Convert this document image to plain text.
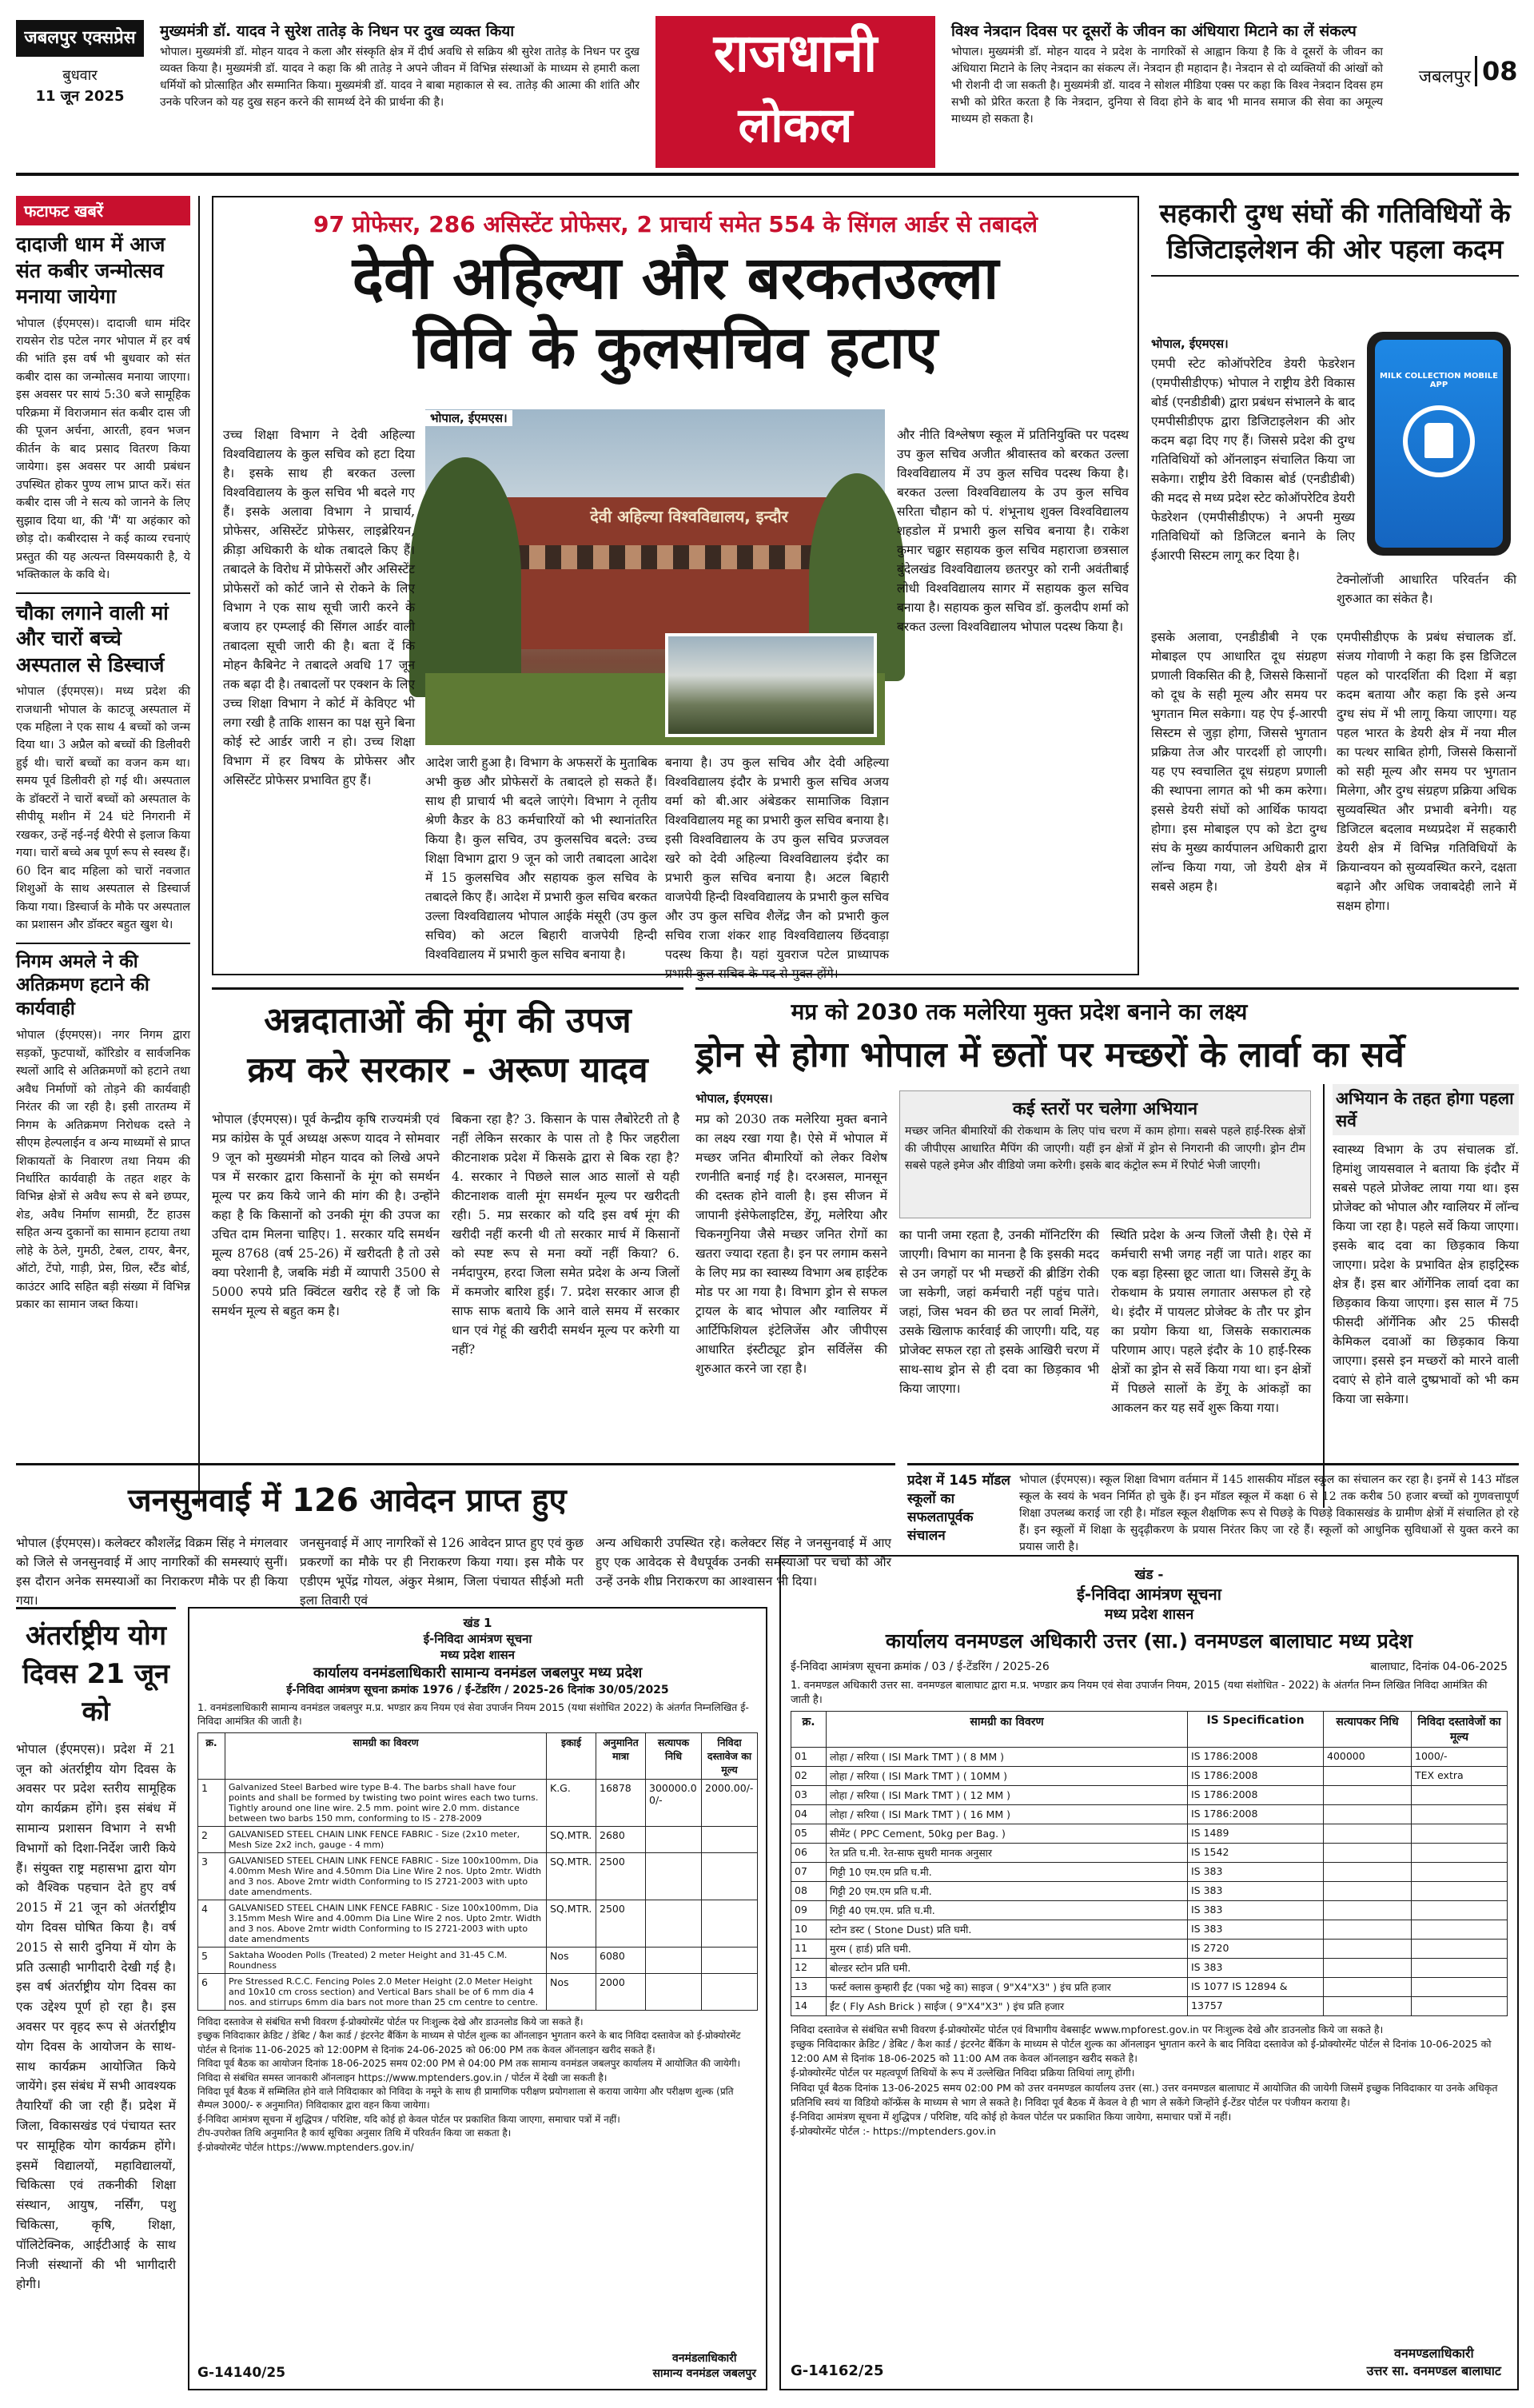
जबलपुर एक्सप्रेस
बुधवार
11 जून 2025
मुख्यमंत्री डॉ. यादव ने सुरेश तातेड़ के निधन पर दुख व्यक्त किया
भोपाल। मुख्यमंत्री डॉ. मोहन यादव ने कला और संस्कृति क्षेत्र में दीर्घ अवधि से सक्रिय श्री सुरेश तातेड़ के निधन पर दुख व्यक्त किया है। मुख्यमंत्री डॉ. यादव ने कहा कि श्री तातेड़ ने अपने जीवन में विभिन्न संस्थाओं के माध्यम से हमारी कला धर्मियों को प्रोत्साहित और सम्मानित किया। मुख्यमंत्री डॉ. यादव ने बाबा महाकाल से स्व. तातेड़ की आत्मा की शांति और उनके परिजन को यह दुख सहन करने की सामर्थ्य देने की प्रार्थना की है।
राजधानी
लोकल
विश्व नेत्रदान दिवस पर दूसरों के जीवन का अंधियारा मिटाने का लें संकल्प
भोपाल। मुख्यमंत्री डॉ. मोहन यादव ने प्रदेश के नागरिकों से आह्वान किया है कि वे दूसरों के जीवन का अंधियारा मिटाने के लिए नेत्रदान का संकल्प लें। नेत्रदान ही महादान है। नेत्रदान से दो व्यक्तियों की आंखों को भी रोशनी दी जा सकती है। मुख्यमंत्री डॉ. यादव ने सोशल मीडिया एक्स पर कहा कि विश्व नेत्रदान दिवस हम सभी को प्रेरित करता है कि नेत्रदान, दुनिया से विदा होने के बाद भी मानव समाज की सेवा का अमूल्य माध्यम हो सकता है।
जबलपुर 08
फटाफट खबरें
दादाजी धाम में आज संत कबीर जन्मोत्सव मनाया जायेगा
भोपाल (ईएमएस)। दादाजी धाम मंदिर रायसेन रोड पटेल नगर भोपाल में हर वर्ष की भांति इस वर्ष भी बुधवार को संत कबीर दास का जन्मोत्सव मनाया जाएगा। इस अवसर पर सायं 5:30 बजे सामूहिक परिक्रमा में विराजमान संत कबीर दास जी की पूजन अर्चना, आरती, हवन भजन कीर्तन के बाद प्रसाद वितरण किया जायेगा। इस अवसर पर आयी प्रबंधन उपस्थित होकर पुण्य लाभ प्राप्त करें। संत कबीर दास जी ने सत्य को जानने के लिए सुझाव दिया था, की 'मैं' या अहंकार को छोड़ दो। कबीरदास ने कई काव्य रचनाएं प्रस्तुत की यह अत्यन्त विस्मयकारी है, ये भक्तिकाल के कवि थे।
चौका लगाने वाली मां और चारों बच्चे अस्पताल से डिस्चार्ज
भोपाल (ईएमएस)। मध्य प्रदेश की राजधानी भोपाल के काटजू अस्पताल में एक महिला ने एक साथ 4 बच्चों को जन्म दिया था। 3 अप्रैल को बच्चों की डिलीवरी हुई थी। चारों बच्चों का वजन कम था। समय पूर्व डिलीवरी हो गई थी। अस्पताल के डॉक्टरों ने चारों बच्चों को अस्पताल के सीपीयू मशीन में 24 घंटे निगरानी में रखकर, उन्हें नई-नई थैरेपी से इलाज किया गया। चारों बच्चे अब पूर्ण रूप से स्वस्थ हैं। 60 दिन बाद महिला को चारों नवजात शिशुओं के साथ अस्पताल से डिस्चार्ज किया गया। डिस्चार्ज के मौके पर अस्पताल का प्रशासन और डॉक्टर बहुत खुश थे।
निगम अमले ने की अतिक्रमण हटाने की कार्यवाही
भोपाल (ईएमएस)। नगर निगम द्वारा सड़कों, फुटपाथों, कॉरिडोर व सार्वजनिक स्थलों आदि से अतिक्रमणों को हटाने तथा अवैध निर्माणों को तोड़ने की कार्यवाही निरंतर की जा रही है। इसी तारतम्य में निगम के अतिक्रमण निरोधक दस्ते ने सीएम हेल्पलाईन व अन्य माध्यमों से प्राप्त शिकायतों के निवारण तथा नियम की निर्धारित कार्यवाही के तहत शहर के विभिन्न क्षेत्रों से अवैध रूप से बने छप्पर, शेड, अवैध निर्माण सामग्री, टैंट हाउस सहित अन्य दुकानों का सामान हटाया तथा लोहे के ठेले, गुमठी, टेबल, टायर, बैनर, ऑटो, टेंपो, गाड़ी, प्रेस, ग्रिल, स्टैंड बोर्ड, काउंटर आदि सहित बड़ी संख्या में विभिन्न प्रकार का सामान जब्त किया।
97 प्रोफेसर, 286 असिस्टेंट प्रोफेसर, 2 प्राचार्य समेत 554 के सिंगल आर्डर से तबादले
देवी अहिल्या और बरकतउल्ला
विवि के कुलसचिव हटाए
देवी अहिल्या विश्वविद्यालय, इन्दौर
भोपाल, ईएमएस।
उच्च शिक्षा विभाग ने देवी अहिल्या विश्वविद्यालय के कुल सचिव को हटा दिया है। इसके साथ ही बरकत उल्ला विश्वविद्यालय के कुल सचिव भी बदले गए हैं। इसके अलावा विभाग ने प्राचार्य, प्रोफेसर, असिस्टेंट प्रोफेसर, लाइब्रेरियन, क्रीड़ा अधिकारी के थोक तबादले किए हैं। तबादले के विरोध में प्रोफेसरों और असिस्टेंट प्रोफेसरों को कोर्ट जाने से रोकने के लिए विभाग ने एक साथ सूची जारी करने के बजाय हर एम्प्लाई की सिंगल आर्डर वाली तबादला सूची जारी की है। बता दें कि मोहन कैबिनेट ने तबादले अवधि 17 जून तक बढ़ा दी है। तबादलों पर एक्शन के लिए उच्च शिक्षा विभाग ने कोर्ट में केविएट भी लगा रखी है ताकि शासन का पक्ष सुने बिना कोई स्टे आर्डर जारी न हो। उच्च शिक्षा विभाग में हर विषय के प्रोफेसर और असिस्टेंट प्रोफेसर प्रभावित हुए हैं।
आदेश जारी हुआ है। विभाग के अफसरों के मुताबिक अभी कुछ और प्रोफेसरों के तबादले हो सकते हैं। साथ ही प्राचार्य भी बदले जाएंगे। विभाग ने तृतीय श्रेणी कैडर के 83 कर्मचारियों को भी स्थानांतरित किया है। कुल सचिव, उप कुलसचिव बदले: उच्च शिक्षा विभाग द्वारा 9 जून को जारी तबादला आदेश में 15 कुलसचिव और सहायक कुल सचिव के तबादले किए हैं। आदेश में प्रभारी कुल सचिव बरकत उल्ला विश्वविद्यालय भोपाल आईके मंसूरी (उप कुल सचिव) को अटल बिहारी वाजपेयी हिन्दी विश्वविद्यालय में प्रभारी कुल सचिव बनाया है।
बनाया है। उप कुल सचिव और देवी अहिल्या विश्वविद्यालय इंदौर के प्रभारी कुल सचिव अजय वर्मा को बी.आर अंबेडकर सामाजिक विज्ञान विश्वविद्यालय महू का प्रभारी कुल सचिव बनाया है। इसी विश्वविद्यालय के उप कुल सचिव प्रज्जवल खरे को देवी अहिल्या विश्वविद्यालय इंदौर का प्रभारी कुल सचिव बनाया है। अटल बिहारी वाजपेयी हिन्दी विश्वविद्यालय के प्रभारी कुल सचिव और उप कुल सचिव शैलेंद्र जैन को प्रभारी कुल सचिव राजा शंकर शाह विश्वविद्यालय छिंदवाड़ा पदस्थ किया है। यहां युवराज पटेल प्राध्यापक प्रभारी कुल सचिव के पद से मुक्त होंगे।
और नीति विश्लेषण स्कूल में प्रतिनियुक्ति पर पदस्थ उप कुल सचिव अजीत श्रीवास्तव को बरकत उल्ला विश्वविद्यालय में उप कुल सचिव पदस्थ किया है। बरकत उल्ला विश्वविद्यालय के उप कुल सचिव सरिता चौहान को पं. शंभूनाथ शुक्ल विश्वविद्यालय शहडोल में प्रभारी कुल सचिव बनाया है। राकेश कुमार चढ्ढार सहायक कुल सचिव महाराजा छत्रसाल बुंदेलखंड विश्वविद्यालय छतरपुर को रानी अवंतीबाई लोधी विश्वविद्यालय सागर में सहायक कुल सचिव बनाया है। सहायक कुल सचिव डॉ. कुलदीप शर्मा को बरकत उल्ला विश्वविद्यालय भोपाल पदस्थ किया है।
सहकारी दुग्ध संघों की गतिविधियों के डिजिटाइलेशन की ओर पहला कदम
MILK COLLECTION MOBILE APP
भोपाल, ईएमएस।
एमपी स्टेट कोऑपरेटिव डेयरी फेडरेशन (एमपीसीडीएफ) भोपाल ने राष्ट्रीय डेरी विकास बोर्ड (एनडीडीबी) द्वारा प्रबंधन संभालने के बाद एमपीसीडीएफ द्वारा डिजिटाइलेशन की ओर कदम बढ़ा दिए गए हैं। जिससे प्रदेश की दुग्ध गतिविधियों को ऑनलाइन संचालित किया जा सकेगा। राष्ट्रीय डेरी विकास बोर्ड (एनडीडीबी) की मदद से मध्य प्रदेश स्टेट कोऑपरेटिव डेयरी फेडरेशन (एमपीसीडीएफ) ने अपनी मुख्य गतिविधियों को डिजिटल बनाने के लिए ईआरपी सिस्टम लागू कर दिया है।
इसके अलावा, एनडीडीबी ने एक मोबाइल एप आधारित दूध संग्रहण प्रणाली विकसित की है, जिससे किसानों को दूध के सही मूल्य और समय पर भुगतान मिल सकेगा। यह ऐप ई-आरपी सिस्टम से जुड़ा होगा, जिससे भुगतान प्रक्रिया तेज और पारदर्शी हो जाएगी। यह एप स्वचालित दूध संग्रहण प्रणाली की स्थापना लागत को भी कम करेगा। इससे डेयरी संघों को आर्थिक फायदा होगा। इस मोबाइल एप को डेटा दुग्ध संघ के मुख्य कार्यपालन अधिकारी द्वारा लॉन्च किया गया, जो डेयरी क्षेत्र में सबसे अहम है।
टेक्नोलॉजी आधारित परिवर्तन की शुरुआत का संकेत है।
एमपीसीडीएफ के प्रबंध संचालक डॉ. संजय गोवाणी ने कहा कि इस डिजिटल पहल को पारदर्शिता की दिशा में बड़ा कदम बताया और कहा कि इसे अन्य दुग्ध संघ में भी लागू किया जाएगा। यह पहल भारत के डेयरी क्षेत्र में नया मील का पत्थर साबित होगी, जिससे किसानों को सही मूल्य और समय पर भुगतान मिलेगा, और दुग्ध संग्रहण प्रक्रिया अधिक सुव्यवस्थित और प्रभावी बनेगी। यह डिजिटल बदलाव मध्यप्रदेश में सहकारी डेयरी क्षेत्र में विभिन्न गतिविधियों के क्रियान्वयन को सुव्यवस्थित करने, दक्षता बढ़ाने और अधिक जवाबदेही लाने में सक्षम होगा।
अन्नदाताओं की मूंग की उपज
क्रय करे सरकार - अरूण यादव
भोपाल (ईएमएस)। पूर्व केन्द्रीय कृषि राज्यमंत्री एवं मप्र कांग्रेस के पूर्व अध्यक्ष अरूण यादव ने सोमवार 9 जून को मुख्यमंत्री मोहन यादव को लिखे अपने पत्र में सरकार द्वारा किसानों के मूंग को समर्थन मूल्य पर क्रय किये जाने की मांग की है। उन्होंने कहा है कि किसानों को उनकी मूंग की उपज का उचित दाम मिलना चाहिए। 1. सरकार यदि समर्थन मूल्य 8768 (वर्ष 25-26) में खरीदती है तो उसे क्या परेशानी है, जबकि मंडी में व्यापारी 3500 से 5000 रुपये प्रति क्विंटल खरीद रहे हैं जो कि समर्थन मूल्य से बहुत कम है।
बिकना रहा है? 3. किसान के पास लैबोरेटरी तो है नहीं लेकिन सरकार के पास तो है फिर जहरीला कीटनाशक प्रदेश में किसके द्वारा से बिक रहा है? 4. सरकार ने पिछले साल आठ सालों से यही कीटनाशक वाली मूंग समर्थन मूल्य पर खरीदती रही। 5. मप्र सरकार को यदि इस वर्ष मूंग की खरीदी नहीं करनी थी तो सरकार मार्च में किसानों को स्पष्ट रूप से मना क्यों नहीं किया? 6. नर्मदापुरम, हरदा जिला समेत प्रदेश के अन्य जिलों में कमजोर बारिश हुई। 7. प्रदेश सरकार आज ही साफ साफ बताये कि आने वाले समय में सरकार धान एवं गेहूं की खरीदी समर्थन मूल्य पर करेगी या नहीं?
मप्र को 2030 तक मलेरिया मुक्त प्रदेश बनाने का लक्ष्य
ड्रोन से होगा भोपाल में छतों पर मच्छरों के लार्वा का सर्वे
भोपाल, ईएमएस।
मप्र को 2030 तक मलेरिया मुक्त बनाने का लक्ष्य रखा गया है। ऐसे में भोपाल में मच्छर जनित बीमारियों को लेकर विशेष रणनीति बनाई गई है। दरअसल, मानसून की दस्तक होने वाली है। इस सीजन में जापानी इंसेफेलाइटिस, डेंगू, मलेरिया और चिकनगुनिया जैसे मच्छर जनित रोगों का खतरा ज्यादा रहता है। इन पर लगाम कसने के लिए मप्र का स्वास्थ्य विभाग अब हाईटेक मोड पर आ गया है। विभाग ड्रोन से सफल ट्रायल के बाद भोपाल और ग्वालियर में आर्टिफिशियल इंटेलिजेंस और जीपीएस आधारित इंस्टीट्यूट ड्रोन सर्विलेंस की शुरुआत करने जा रहा है।
कई स्तरों पर चलेगा अभियान
मच्छर जनित बीमारियों की रोकथाम के लिए पांच चरण में काम होगा। सबसे पहले हाई-रिस्क क्षेत्रों की जीपीएस आधारित मैपिंग की जाएगी। यहीं इन क्षेत्रों में ड्रोन से निगरानी की जाएगी। ड्रोन टीम सबसे पहले इमेज और वीडियो जमा करेगी। इसके बाद कंट्रोल रूम में रिपोर्ट भेजी जाएगी।
का पानी जमा रहता है, उनकी मॉनिटरिंग की जाएगी। विभाग का मानना है कि इसकी मदद से उन जगहों पर भी मच्छरों की ब्रीडिंग रोकी जा सकेगी, जहां कर्मचारी नहीं पहुंच पाते। जहां, जिस भवन की छत पर लार्वा मिलेंगे, उसके खिलाफ कार्रवाई की जाएगी। यदि, यह प्रोजेक्ट सफल रहा तो इसके आखिरी चरण में साथ-साथ ड्रोन से ही दवा का छिड़काव भी किया जाएगा।
स्थिति प्रदेश के अन्य जिलों जैसी है। ऐसे में कर्मचारी सभी जगह नहीं जा पाते। शहर का एक बड़ा हिस्सा छूट जाता था। जिससे डेंगू के रोकथाम के प्रयास लगातार असफल हो रहे थे। इंदौर में पायलट प्रोजेक्ट के तौर पर ड्रोन का प्रयोग किया था, जिसके सकारात्मक परिणाम आए। पहले इंदौर के 10 हाई-रिस्क क्षेत्रों का ड्रोन से सर्वे किया गया था। इन क्षेत्रों में पिछले सालों के डेंगू के आंकड़ों का आकलन कर यह सर्वे शुरू किया गया।
अभियान के तहत होगा पहला सर्वे
स्वास्थ्य विभाग के उप संचालक डॉ. हिमांशु जायसवाल ने बताया कि इंदौर में सबसे पहले प्रोजेक्ट लाया गया था। इस प्रोजेक्ट को भोपाल और ग्वालियर में लॉन्च किया जा रहा है। पहले सर्वे किया जाएगा। इसके बाद दवा का छिड़काव किया जाएगा। प्रदेश के प्रभावित क्षेत्र हाइट्रिस्क क्षेत्र हैं। इस बार ऑर्गेनिक लार्वा दवा का छिड़काव किया जाएगा। इस साल में 75 फीसदी ऑर्गेनिक और 25 फीसदी केमिकल दवाओं का छिड़काव किया जाएगा। इससे इन मच्छरों को मारने वाली दवाएं से होने वाले दुष्प्रभावों को भी कम किया जा सकेगा।
जनसुनवाई में 126 आवेदन प्राप्त हुए
भोपाल (ईएमएस)। कलेक्टर कौशलेंद्र विक्रम सिंह ने मंगलवार को जिले से जनसुनवाई में आए नागरिकों की समस्याएं सुनीं। इस दौरान अनेक समस्याओं का निराकरण मौके पर ही किया गया।
जनसुनवाई में आए नागरिकों से 126 आवेदन प्राप्त हुए एवं कुछ प्रकरणों का मौके पर ही निराकरण किया गया। इस मौके पर एडीएम भूपेंद्र गोयल, अंकुर मेश्राम, जिला पंचायत सीईओ मती इला तिवारी एवं
अन्य अधिकारी उपस्थित रहे। कलेक्टर सिंह ने जनसुनवाई में आए हुए एक आवेदक से वैधपूर्वक उनकी समस्याओं पर चर्चा की और उन्हें उनके शीघ्र निराकरण का आश्वासन भी दिया।
प्रदेश में 145 मॉडल स्कूलों का सफलतापूर्वक संचालन
भोपाल (ईएमएस)। स्कूल शिक्षा विभाग वर्तमान में 145 शासकीय मॉडल स्कूल का संचालन कर रहा है। इनमें से 143 मॉडल स्कूल के स्वयं के भवन निर्मित हो चुके हैं। इन मॉडल स्कूल में कक्षा 6 से 12 तक करीब 50 हजार बच्चों को गुणवत्तापूर्ण शिक्षा उपलब्ध कराई जा रही है। मॉडल स्कूल शैक्षणिक रूप से पिछड़े के पिछड़े विकासखंड के ग्रामीण क्षेत्रों में संचालित हो रहे हैं। इन स्कूलों में शिक्षा के सुदृढ़ीकरण के प्रयास निरंतर किए जा रहे हैं। स्कूलों को आधुनिक सुविधाओं से युक्त करने का प्रयास जारी है।
अंतर्राष्ट्रीय योग दिवस 21 जून को
भोपाल (ईएमएस)। प्रदेश में 21 जून को अंतर्राष्ट्रीय योग दिवस के अवसर पर प्रदेश स्तरीय सामूहिक योग कार्यक्रम होंगे। इस संबंध में सामान्य प्रशासन विभाग ने सभी विभागों को दिशा-निर्देश जारी किये हैं। संयुक्त राष्ट्र महासभा द्वारा योग को वैश्विक पहचान देते हुए वर्ष 2015 में 21 जून को अंतर्राष्ट्रीय योग दिवस घोषित किया है। वर्ष 2015 से सारी दुनिया में योग के प्रति उत्साही भागीदारी देखी गई है। इस वर्ष अंतर्राष्ट्रीय योग दिवस का एक उद्देश्य पूर्ण हो रहा है। इस अवसर पर वृहद रूप से अंतर्राष्ट्रीय योग दिवस के आयोजन के साथ-साथ कार्यक्रम आयोजित किये जायेंगे। इस संबंध में सभी आवश्यक तैयारियाँ की जा रही हैं। प्रदेश में जिला, विकासखंड एवं पंचायत स्तर पर सामूहिक योग कार्यक्रम होंगे। इसमें विद्यालयों, महाविद्यालयों, चिकित्सा एवं तकनीकी शिक्षा संस्थान, आयुष, नर्सिंग, पशु चिकित्सा, कृषि, शिक्षा, पॉलिटेक्निक, आईटीआई के साथ निजी संस्थानों की भी भागीदारी होगी।
खंड 1
ई-निविदा आमंत्रण सूचना
मध्य प्रदेश शासन
कार्यालय वनमंडलाधिकारी सामान्य वनमंडल जबलपुर मध्य प्रदेश
ई-निविदा आमंत्रण सूचना क्रमांक 1976 / ई-टेंडरिंग / 2025-26 दिनांक 30/05/2025
1. वनमंडलाधिकारी सामान्य वनमंडल जबलपुर म.प्र. भण्डार क्रय नियम एवं सेवा उपार्जन नियम 2015 (यथा संशोधित 2022) के अंतर्गत निम्नलिखित ई-निविदा आमंत्रित की जाती है।
क्र.	सामग्री का विवरण	इकाई	अनुमानित मात्रा	सत्यापक निधि	निविदा दस्तावेज का मूल्य
1	Galvanized Steel Barbed wire type B-4. The barbs shall have four points and shall be formed by twisting two point wires each two turns. Tightly around one line wire. 2.5 mm. point wire 2.0 mm. distance between two barbs 150 mm, conforming to IS - 278-2009	K.G.	16878	300000.0 0/-	2000.00/-
2	GALVANISED STEEL CHAIN LINK FENCE FABRIC - Size (2x10 meter, Mesh Size 2x2 inch, gauge - 4 mm)	SQ.MTR.	2680		
3	GALVANISED STEEL CHAIN LINK FENCE FABRIC - Size 100x100mm, Dia 4.00mm Mesh Wire and 4.50mm Dia Line Wire 2 nos. Upto 2mtr. Width and 3 nos. Above 2mtr width Conforming to IS 2721-2003 with upto date amendments.	SQ.MTR.	2500		
4	GALVANISED STEEL CHAIN LINK FENCE FABRIC - Size 100x100mm, Dia 3.15mm Mesh Wire and 4.00mm Dia Line Wire 2 nos. Upto 2mtr. Width and 3 nos. Above 2mtr width Conforming to IS 2721-2003 with upto date amendments	SQ.MTR.	2500		
5	Saktaha Wooden Polls (Treated) 2 meter Height and 31-45 C.M. Roundness	Nos	6080		
6	Pre Stressed R.C.C. Fencing Poles 2.0 Meter Height (2.0 Meter Height and 10x10 cm cross section) and Vertical Bars shall be of 6 mm dia 4 nos. and stirrups 6mm dia bars not more than 25 cm centre to centre.	Nos	2000		
निविदा दस्तावेज से संबंधित सभी विवरण ई-प्रोक्योरमेंट पोर्टल पर निःशुल्क देखे और डाउनलोड किये जा सकते हैं।
इच्छुक निविदाकार क्रेडिट / डेबिट / कैश कार्ड / इंटरनेट बैंकिंग के माध्यम से पोर्टल शुल्क का ऑनलाइन भुगतान करने के बाद निविदा दस्तावेज को ई-प्रोक्योरमेंट पोर्टल से दिनांक 11-06-2025 को 12:00PM से दिनांक 24-06-2025 को 06:00 PM तक केवल ऑनलाइन खरीद सकते हैं।
निविदा पूर्व बैठक का आयोजन दिनांक 18-06-2025 समय 02:00 PM से 04:00 PM तक सामान्य वनमंडल जबलपुर कार्यालय में आयोजित की जायेगी।
निविदा से संबंधित समस्त जानकारी ऑनलाइन https://www.mptenders.gov.in / पोर्टल में देखी जा सकती है।
निविदा पूर्व बैठक में सम्मिलित होने वाले निविदाकार को निविदा के नमूने के साथ ही प्रामाणिक परीक्षण प्रयोगशाला से कराया जायेगा और परीक्षण शुल्क (प्रति सैम्पल 3000/- रु अनुमानित) निविदाकार द्वारा वहन किया जायेगा।
ई-निविदा आमंत्रण सूचना में शुद्धिपत्र / परिशिष्ट, यदि कोई हो केवल पोर्टल पर प्रकाशित किया जाएगा, समाचार पत्रों में नहीं।
टीप-उपरोक्त तिथि अनुमानित है कार्य सूचिका अनुसार तिथि में परिवर्तन किया जा सकता है।
ई-प्रोक्योरमेंट पोर्टल https://www.mptenders.gov.in/
G-14140/25
वनमंडलाधिकारी
सामान्य वनमंडल जबलपुर
खंड -
ई-निविदा आमंत्रण सूचना
मध्य प्रदेश शासन
कार्यालय वनमण्डल अधिकारी उत्तर (सा.) वनमण्डल बालाघाट मध्य प्रदेश
ई-निविदा आमंत्रण सूचना क्रमांक / 03 / ई-टेंडरिंग / 2025-26	बालाघाट, दिनांक 04-06-2025
1. वनमण्डल अधिकारी उत्तर सा. वनमण्डल बालाघाट द्वारा म.प्र. भण्डार क्रय नियम एवं सेवा उपार्जन नियम, 2015 (यथा संशोधित - 2022) के अंतर्गत निम्न लिखित निविदा आमंत्रित की जाती है।
क्र.	सामग्री का विवरण	IS Specification	सत्यापकर निधि	निविदा दस्तावेजों का मूल्य
01	लोहा / सरिया ( ISI Mark TMT ) ( 8 MM )	IS 1786:2008	400000	1000/-
02	लोहा / सरिया ( ISI Mark TMT ) ( 10MM )	IS 1786:2008		TEX extra
03	लोहा / सरिया ( ISI Mark TMT ) ( 12 MM )	IS 1786:2008		
04	लोहा / सरिया ( ISI Mark TMT ) ( 16 MM )	IS 1786:2008		
05	सीमेंट ( PPC Cement, 50kg per Bag. )	IS 1489		
06	रेत प्रति घ.मी. रेत-साफ सुथरी मानक अनुसार	IS 1542		
07	गिट्टी 10 एम.एम प्रति घ.मी.	IS 383		
08	गिट्टी 20 एम.एम प्रति घ.मी.	IS 383		
09	गिट्टी 40 एम.एम. प्रति घ.मी.	IS 383		
10	स्टोन डस्ट ( Stone Dust) प्रति घमी.	IS 383		
11	मुरम ( हार्ड) प्रति घमी.	IS 2720		
12	बोल्डर स्टोन प्रति घमी.	IS 383		
13	फर्स्ट क्लास कुम्हारी ईंट (पका भट्टे का) साइज ( 9"X4"X3" ) इंच प्रति हजार	IS 1077 IS 12894 &		
14	ईंट ( Fly Ash Brick ) साईज ( 9"X4"X3" ) इंच प्रति हजार	13757		
निविदा दस्तावेज से संबंधित सभी विवरण ई-प्रोक्योरमेंट पोर्टल एवं विभागीय वेबसाईट www.mpforest.gov.in पर निःशुल्क देखे और डाउनलोड किये जा सकते है।
इच्छुक निविदाकार क्रेडिट / डेबिट / कैश कार्ड / इंटरनेट बैंकिंग के माध्यम से पोर्टल शुल्क का ऑनलाइन भुगतान करने के बाद निविदा दस्तावेज को ई-प्रोक्योरमेंट पोर्टल से दिनांक 10-06-2025 को 12:00 AM से दिनांक 18-06-2025 को 11:00 AM तक केवल ऑनलाइन खरीद सकते है।
ई-प्रोक्योरमेंट पोर्टल पर महत्वपूर्ण तिथियों के रूप में उल्लेखित निविदा प्रक्रिया तिथियां लागू होंगी।
निविदा पूर्व बैठक दिनांक 13-06-2025 समय 02:00 PM को उत्तर वनमण्डल कार्यालय उत्तर (सा.) उत्तर वनमण्डल बालाघाट में आयोजित की जायेगी जिसमें इच्छुक निविदाकार या उनके अधिकृत प्रतिनिधि स्वयं या विडियो कॉन्फ्रेंस के माध्यम से भाग ले सकते है। निविदा पूर्व बैठक में केवल वे ही भाग ले सकेंगे जिन्होंने ई-टेंडर पोर्टल पर पंजीयन कराया है।
ई-निविदा आमंत्रण सूचना में शुद्धिपत्र / परिशिष्ट, यदि कोई हो केवल पोर्टल पर प्रकाशित किया जायेगा, समाचार पत्रों में नहीं।
ई-प्रोक्योरमेंट पोर्टल :- https://mptenders.gov.in
G-14162/25
वनमण्डलाधिकारी
उत्तर सा. वनमण्डल बालाघाट
